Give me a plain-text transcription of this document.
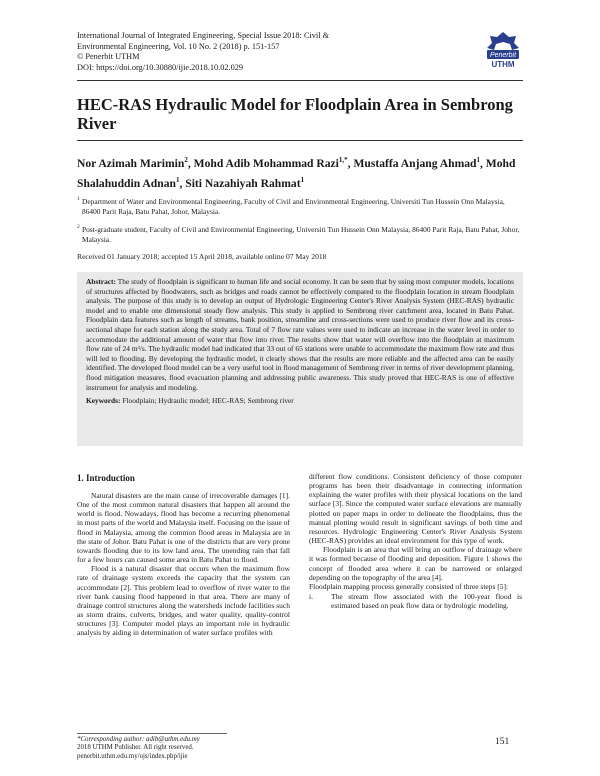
International Journal of Integrated Engineering, Special Issue 2018: Civil &
Environmental Engineering, Vol. 10 No. 2 (2018) p. 151-157
© Penerbit UTHM
DOI: https://doi.org/10.30880/ijie.2018.10.02.029
Penerbit
UTHM
HEC-RAS Hydraulic Model for Floodplain Area in Sembrong River
Nor Azimah Marimin$^2$, Mohd Adib Mohammad Razi$^{1,*}$, Mustaffa Anjang Ahmad$^1$, Mohd Shalahuddin Adnan$^1$, Siti Nazahiyah Rahmat$^1$
1 Department of Water and Environmental Engineering, Faculty of Civil and Environmental Engineering, Universiti Tun Hussein Onn Malaysia, 86400 Parit Raja, Batu Pahat, Johor, Malaysia.
2 Post-graduate student, Faculty of Civil and Environmental Engineering, Universiti Tun Hussein Onn Malaysia, 86400 Parit Raja, Batu Pahat, Johor, Malaysia.
Received 01 January 2018; accepted 15 April 2018, available online 07 May 2018

Abstract: The study of floodplain is significant to human life and social economy. It can be seen that by using most computer models, locations of structures affected by floodwaters, such as bridges and roads cannot be effectively compared to the floodplain location in stream floodplain analysis. The purpose of this study is to develop an output of Hydrologic Engineering Center's River Analysis System (HEC-RAS) hydraulic model and to enable one dimensional steady flow analysis. This study is applied to Sembrong river catchment area, located in Batu Pahat. Floodplain data features such as length of streams, bank position, streamline and cross-sections were used to produce river flow and its cross-sectional shape for each station along the study area. Total of 7 flow rate values were used to indicate an increase in the water level in order to accommodate the additional amount of water that flow into river. The results show that water will overflow into the floodplain at maximum flow rate of 24 m³/s. The hydraulic model had indicated that 33 out of 65 stations were unable to accommodate the maximum flow rate and thus will led to flooding. By developing the hydraulic model, it clearly shows that the results are more reliable and the affected area can be easily identified. The developed flood model can be a very useful tool in flood management of Sembrong river in terms of river development planning, flood mitigation measures, flood evacuation planning and addressing public awareness. This study proved that HEC-RAS is one of effective instrument for analysis and modeling.

Keywords: Floodplain; Hydraulic model; HEC-RAS; Sembrong river

1. Introduction

Natural disasters are the main cause of irrecoverable damages [1]. One of the most common natural disasters that happen all around the world is flood. Nowadays, flood has become a recurring phenomenal in most parts of the world and Malaysia itself. Focusing on the issue of flood in Malaysia, among the common flood areas in Malaysia are in the state of Johor. Batu Pahat is one of the districts that are very prone towards flooding due to its low land area. The unending rain that fall for a few hours can caused some area in Batu Pahat to flood.

Flood is a natural disaster that occurs when the maximum flow rate of drainage system exceeds the capacity that the system can accommodate [2]. This problem lead to overflow of river water to the river bank causing flood happened in that area. There are many of drainage control structures along the watersheds include facilities such as storm drains, culverts, bridges, and water quality, quality-control structures [3]. Computer model plays an important role in hydraulic analysis by aiding in determination of water surface profiles with

different flow conditions. Consistent deficiency of those computer programs has been their disadvantage in connecting information explaining the water profiles with their physical locations on the land surface [3]. Since the computed water surface elevations are manually plotted on paper maps in order to delineate the floodplains, thus the manual plotting would result in significant savings of both time and resources. Hydrologic Engineering Center's River Analysis System (HEC-RAS) provides an ideal environment for this type of work.

Floodplain is an area that will bring an outflow of drainage where it was formed because of flooding and deposition. Figure 1 shows the concept of flooded area where it can be narrowed or enlarged depending on the topography of the area [4].

Floodplain mapping process generally consisted of three steps [5]:

i.	The stream flow associated with the 100-year flood is estimated based on peak flow data or hydrologic modeling.
*Corresponding author: adib@uthm.edu.my
2018 UTHM Publisher. All right reserved.
penerbit.uthm.edu.my/ojs/index.php/ijie
151
